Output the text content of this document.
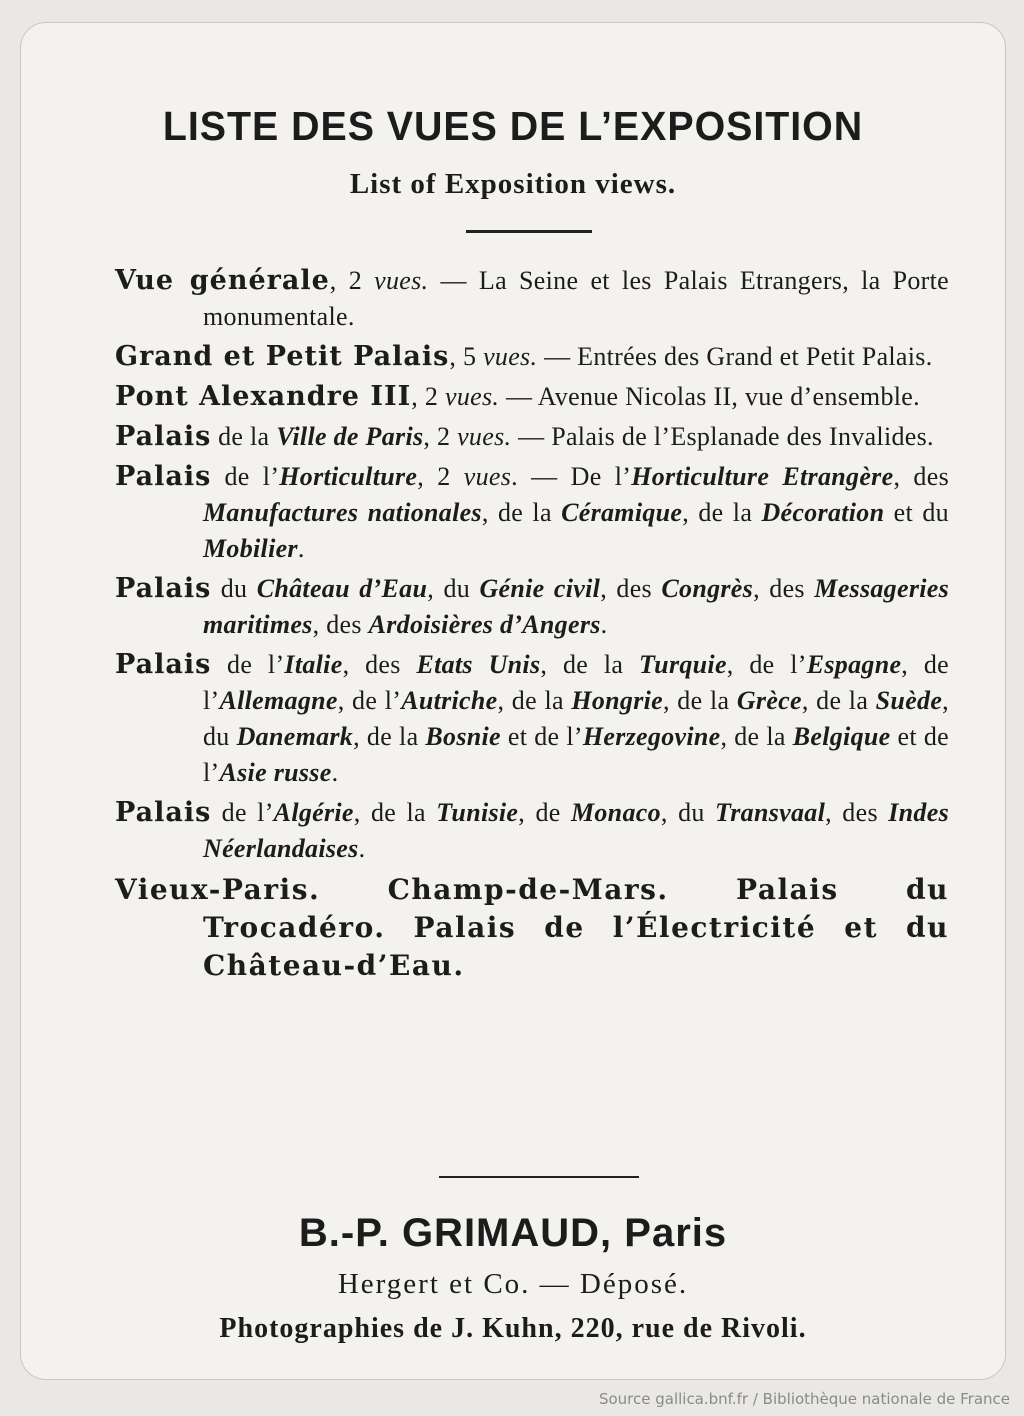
LISTE DES VUES DE L’EXPOSITION
List of Exposition views.
Vue générale, 2 vues. — La Seine et les Palais Etrangers, la Porte monumentale.
Grand et Petit Palais, 5 vues. — Entrées des Grand et Petit Palais.
Pont Alexandre III, 2 vues. — Avenue Nicolas II, vue d’ensemble.
Palais de la Ville de Paris, 2 vues. — Palais de l’Esplanade des Invalides.
Palais de l’Horticulture, 2 vues. — De l’Horticulture Etrangère, des Manufactures nationales, de la Céramique, de la Décoration et du Mobilier.
Palais du Château d’Eau, du Génie civil, des Congrès, des Messageries maritimes, des Ardoisières d’Angers.
Palais de l’Italie, des Etats Unis, de la Turquie, de l’Espagne, de l’Allemagne, de l’Autriche, de la Hongrie, de la Grèce, de la Suède, du Danemark, de la Bosnie et de l’Herzegovine, de la Belgique et de l’Asie russe.
Palais de l’Algérie, de la Tunisie, de Monaco, du Transvaal, des Indes Néerlandaises.
Vieux-Paris. Champ-de-Mars. Palais du Trocadéro. Palais de l’Électricité et du Château-d’Eau.
B.-P. GRIMAUD, Paris
Hergert et Co. — Déposé.
Photographies de J. Kuhn, 220, rue de Rivoli.
Source gallica.bnf.fr / Bibliothèque nationale de France
